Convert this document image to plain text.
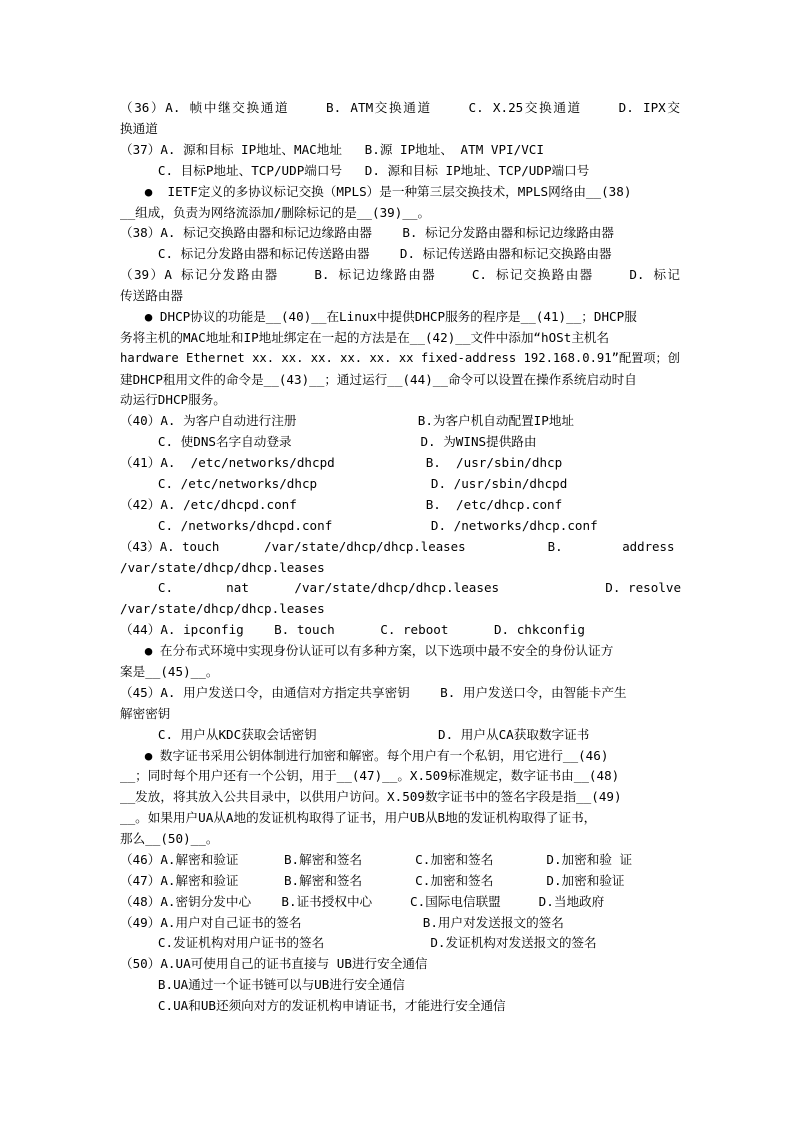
（36）A. 帧中继交换通道    B. ATM交换通道    C. X.25交换通道    D. IPX交
换通道
（37）A. 源和目标 IP地址、MAC地址   B.源 IP地址、 ATM VPI/VCI
C. 目标P地址、TCP/UDP端口号   D. 源和目标 IP地址、TCP/UDP端口号
●  IETF定义的多协议标记交换（MPLS）是一种第三层交换技术，MPLS网络由__(38)
__组成，负责为网络流添加/删除标记的是__(39)__。
（38）A. 标记交换路由器和标记边缘路由器    B. 标记分发路由器和标记边缘路由器
C. 标记分发路由器和标记传送路由器    D. 标记传送路由器和标记交换路由器
（39）A 标记分发路由器    B. 标记边缘路由器    C. 标记交换路由器    D. 标记
传送路由器
● DHCP协议的功能是__(40)__在Linux中提供DHCP服务的程序是__(41)__；DHCP服
务将主机的MAC地址和IP地址绑定在一起的方法是在__(42)__文件中添加“hOSt主机名
hardware Ethernet xx. xx. xx. xx. xx. xx fixed-address 192.168.0.91”配置项；创
建DHCP租用文件的命令是__(43)__；通过运行__(44)__命令可以设置在操作系统启动时自
动运行DHCP服务。
（40）A. 为客户自动进行注册                B.为客户机自动配置IP地址
C. 使DNS名字自动登录                 D. 为WINS提供路由
（41）A.  /etc/networks/dhcpd            B.  /usr/sbin/dhcp
C. /etc/networks/dhcp               D. /usr/sbin/dhcpd
（42）A. /etc/dhcpd.conf                 B.  /etc/dhcp.conf
C. /networks/dhcpd.conf             D. /networks/dhcp.conf
（43）A. touch      /var/state/dhcp/dhcp.leases           B.        address
/var/state/dhcp/dhcp.leases
C.       nat      /var/state/dhcp/dhcp.leases              D. resolve
/var/state/dhcp/dhcp.leases
（44）A. ipconfig    B. touch      C. reboot      D. chkconfig
● 在分布式环境中实现身份认证可以有多种方案，以下选项中最不安全的身份认证方
案是__(45)__。
（45）A. 用户发送口令，由通信对方指定共享密钥    B. 用户发送口令，由智能卡产生
解密密钥
C. 用户从KDC获取会话密钥                D. 用户从CA获取数字证书
● 数字证书采用公钥体制进行加密和解密。每个用户有一个私钥，用它进行__(46)
__；同时每个用户还有一个公钥，用于__(47)__。X.509标准规定，数字证书由__(48)
__发放，将其放入公共目录中，以供用户访问。X.509数字证书中的签名字段是指__(49)
__。如果用户UA从A地的发证机构取得了证书，用户UB从B地的发证机构取得了证书，
那么__(50)__。
（46）A.解密和验证      B.解密和签名       C.加密和签名       D.加密和验 证
（47）A.解密和验证      B.解密和签名       C.加密和签名       D.加密和验证
（48）A.密钥分发中心    B.证书授权中心     C.国际电信联盟     D.当地政府
（49）A.用户对自己证书的签名                B.用户对发送报文的签名
C.发证机构对用户证书的签名              D.发证机构对发送报文的签名
（50）A.UA可使用自己的证书直接与 UB进行安全通信
B.UA通过一个证书链可以与UB进行安全通信
C.UA和UB还须向对方的发证机构申请证书，才能进行安全通信
